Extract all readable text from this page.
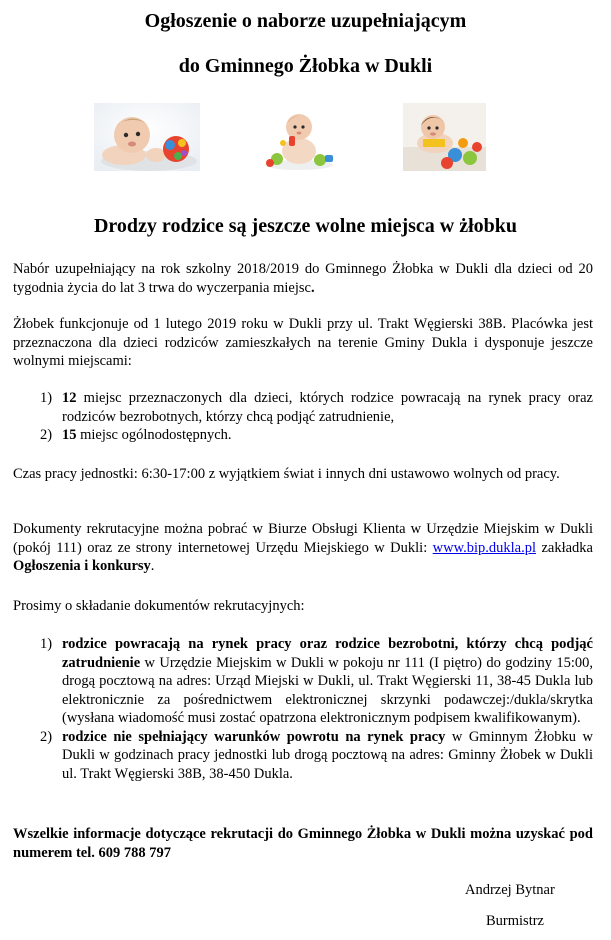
Ogłoszenie o naborze uzupełniającym
do Gminnego Żłobka w Dukli
Drodzy rodzice są jeszcze wolne miejsca w żłobku

Nabór uzupełniający na rok szkolny 2018/2019 do Gminnego Żłobka w Dukli dla dzieci od 20 tygodnia życia do lat 3 trwa do wyczerpania miejsc.

Żłobek funkcjonuje od 1 lutego 2019 roku w Dukli przy ul. Trakt Węgierski 38B. Placówka jest przeznaczona dla dzieci rodziców zamieszkałych na terenie Gminy Dukla i dysponuje jeszcze wolnymi miejscami:

1) 12 miejsc przeznaczonych dla dzieci, których rodzice powracają na rynek pracy oraz rodziców bezrobotnych, którzy chcą podjąć zatrudnienie,
2) 15 miejsc ogólnodostępnych.

Czas pracy jednostki: 6:30-17:00 z wyjątkiem świat i innych dni ustawowo wolnych od pracy.

Dokumenty rekrutacyjne można pobrać w Biurze Obsługi Klienta w Urzędzie Miejskim w Dukli (pokój 111) oraz ze strony internetowej Urzędu Miejskiego w Dukli: www.bip.dukla.pl zakładka Ogłoszenia i konkursy.

Prosimy o składanie dokumentów rekrutacyjnych:

1) rodzice powracają na rynek pracy oraz rodzice bezrobotni, którzy chcą podjąć zatrudnienie w Urzędzie Miejskim w Dukli w pokoju nr 111 (I piętro) do godziny 15:00, drogą pocztową na adres: Urząd Miejski w Dukli, ul. Trakt Węgierski 11, 38-45 Dukla lub elektronicznie za pośrednictwem elektronicznej skrzynki podawczej:/dukla/skrytka (wysłana wiadomość musi zostać opatrzona elektronicznym podpisem kwalifikowanym).
2) rodzice nie spełniający warunków powrotu na rynek pracy w Gminnym Żłobku w Dukli w godzinach pracy jednostki lub drogą pocztową na adres: Gminny Żłobek w Dukli ul. Trakt Węgierski 38B, 38-450 Dukla.

Wszelkie informacje dotyczące rekrutacji do Gminnego Żłobka w Dukli można uzyskać pod numerem tel. 609 788 797

Andrzej Bytnar
Burmistrz
